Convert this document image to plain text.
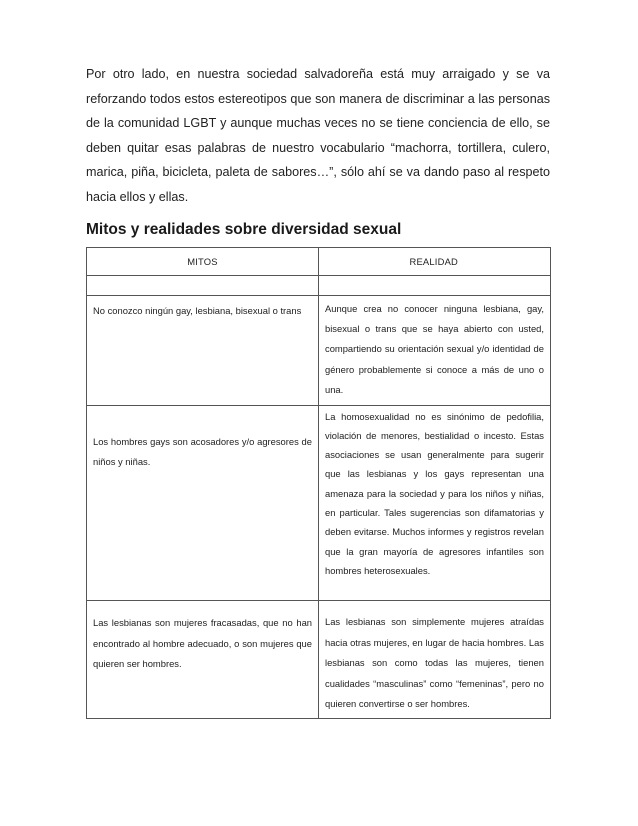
Por otro lado, en nuestra sociedad salvadoreña está muy arraigado y se va reforzando todos estos estereotipos que son manera de discriminar a las personas de la comunidad LGBT y aunque muchas veces no se tiene conciencia de ello, se deben quitar esas palabras de nuestro vocabulario “machorra, tortillera, culero, marica, piña, bicicleta, paleta de sabores…”, sólo ahí se va dando paso al respeto hacia ellos y ellas.

Mitos y realidades sobre diversidad sexual
MITOS	REALIDAD

No conozco ningún gay, lesbiana, bisexual o trans	Aunque crea no conocer ninguna lesbiana, gay, bisexual o trans que se haya abierto con usted, compartiendo su orientación sexual y/o identidad de género probablemente si conoce a más de uno o una.
Los hombres gays son acosadores y/o agresores de niños y niñas.	La homosexualidad no es sinónimo de pedofilia, violación de menores, bestialidad o incesto. Estas asociaciones se usan generalmente para sugerir que las lesbianas y los gays representan una amenaza para la sociedad y para los niños y niñas, en particular. Tales sugerencias son difamatorias y deben evitarse. Muchos informes y registros revelan que la gran mayoría de agresores infantiles son hombres heterosexuales.
Las lesbianas son mujeres fracasadas, que no han encontrado al hombre adecuado, o son mujeres que quieren ser hombres.	Las lesbianas son simplemente mujeres atraídas hacia otras mujeres, en lugar de hacia hombres. Las lesbianas son como todas las mujeres, tienen cualidades “masculinas” como “femeninas”, pero no quieren convertirse o ser hombres.
